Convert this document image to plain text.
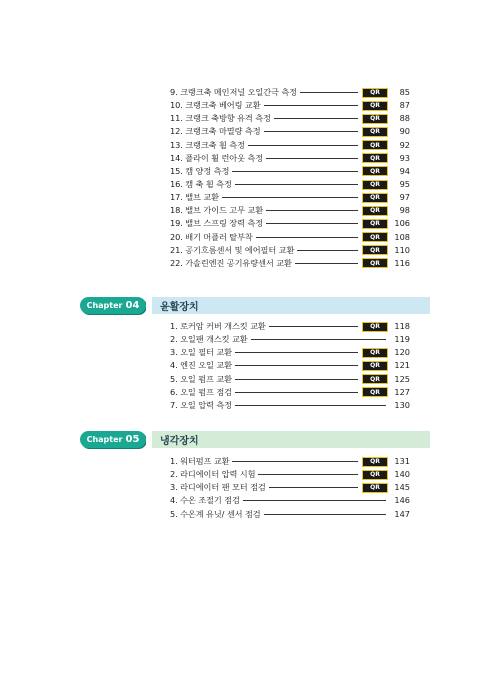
9. 크랭크축 메인저널 오일간극 측정	QR	85
10. 크랭크축 베어링 교환	QR	87
11. 크랭크 축방향 유격 측정	QR	88
12. 크랭크축 마멸량 측정	QR	90
13. 크랭크축 휨 측정	QR	92
14. 플라이 휠 런아웃 측정	QR	93
15. 캠 양정 측정	QR	94
16. 캠 축 휨 측정	QR	95
17. 밸브 교환	QR	97
18. 밸브 가이드 고무 교환	QR	98
19. 밸브 스프링 장력 측정	QR	106
20. 배기 머플러 탈부착	QR	108
21. 공기흐름센서 및 에어필터 교환	QR	110
22. 가솔린엔진 공기유량센서 교환	QR	116
Chapter 04 윤활장치
1. 로커암 커버 개스킷 교환	QR	118
2. 오일팬 개스킷 교환	119
3. 오일 필터 교환	QR	120
4. 엔진 오일 교환	QR	121
5. 오일 펌프 교환	QR	125
6. 오일 펌프 점검	QR	127
7. 오일 압력 측정	130
Chapter 05 냉각장치
1. 워터펌프 교환	QR	131
2. 라디에이터 압력 시험	QR	140
3. 라디에이터 팬 모터 점검	QR	145
4. 수온 조절기 점검	146
5. 수온계 유닛/ 센서 점검	147
